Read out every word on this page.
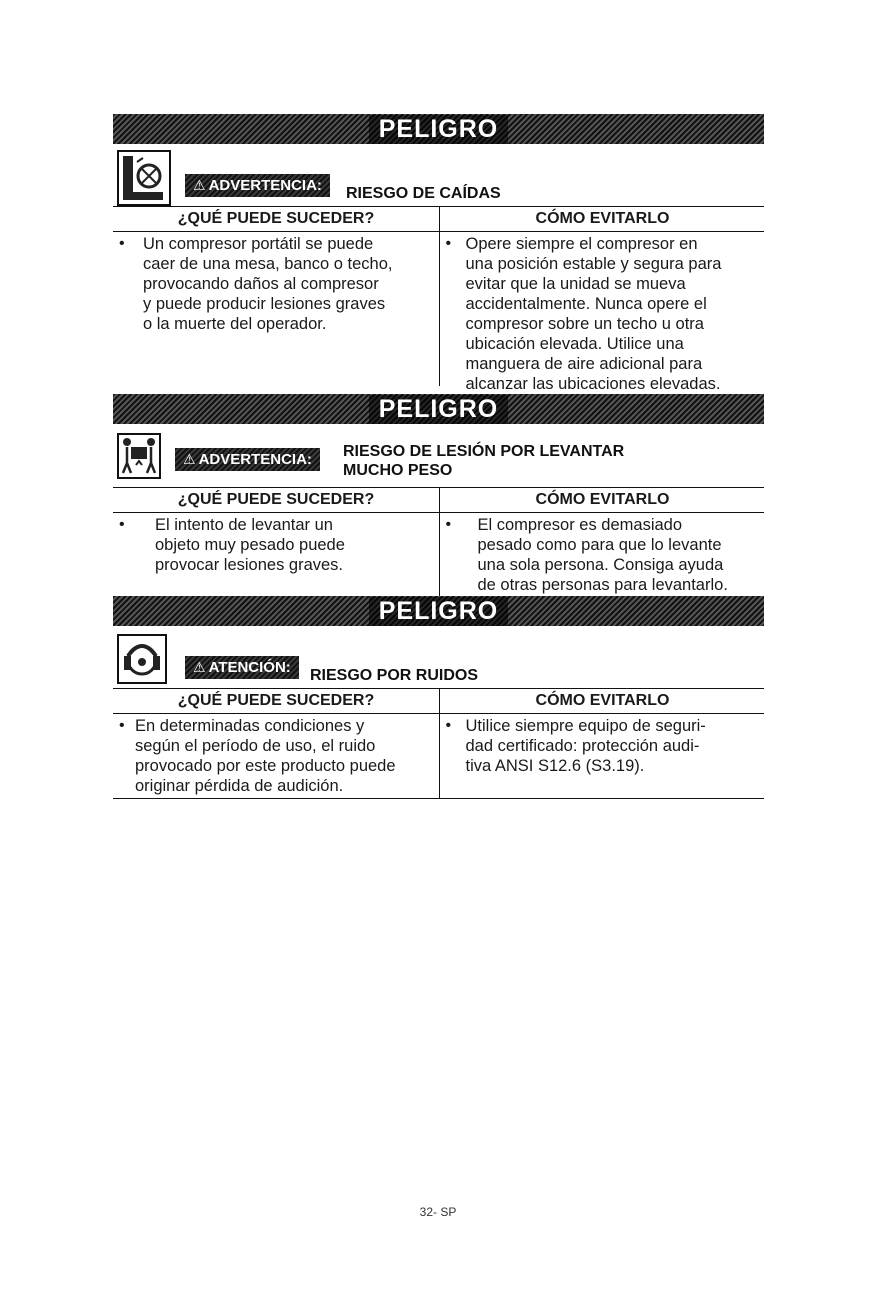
PELIGRO
⚠ ADVERTENCIA: RIESGO DE CAÍDAS
¿QUÉ PUEDE SUCEDER?	CÓMO EVITARLO
•	Un compresor portátil se puede
caer de una mesa, banco o techo,
provocando daños al compresor
y puede producir lesiones graves
o la muerte del operador.
• Opere siempre el compresor en
una posición estable y segura para
evitar que la unidad se mueva
accidentalmente. Nunca opere el
compresor sobre un techo u otra
ubicación elevada. Utilice una
manguera de aire adicional para
alcanzar las ubicaciones elevadas.
PELIGRO
⚠ ADVERTENCIA: RIESGO DE LESIÓN POR LEVANTAR
MUCHO PESO
¿QUÉ PUEDE SUCEDER?	CÓMO EVITARLO
•	El intento de levantar un
objeto muy pesado puede
provocar lesiones graves.
•	El compresor es demasiado
pesado como para que lo levante
una sola persona. Consiga ayuda
de otras personas para levantarlo.
PELIGRO
⚠ ATENCIÓN: RIESGO POR RUIDOS
¿QUÉ PUEDE SUCEDER?	CÓMO EVITARLO
• En determinadas condiciones y
según el período de uso, el ruido
provocado por este producto puede
originar pérdida de audición.
• Utilice siempre equipo de seguri-
dad certificado: protección audi-
tiva ANSI S12.6 (S3.19).
32- SP
